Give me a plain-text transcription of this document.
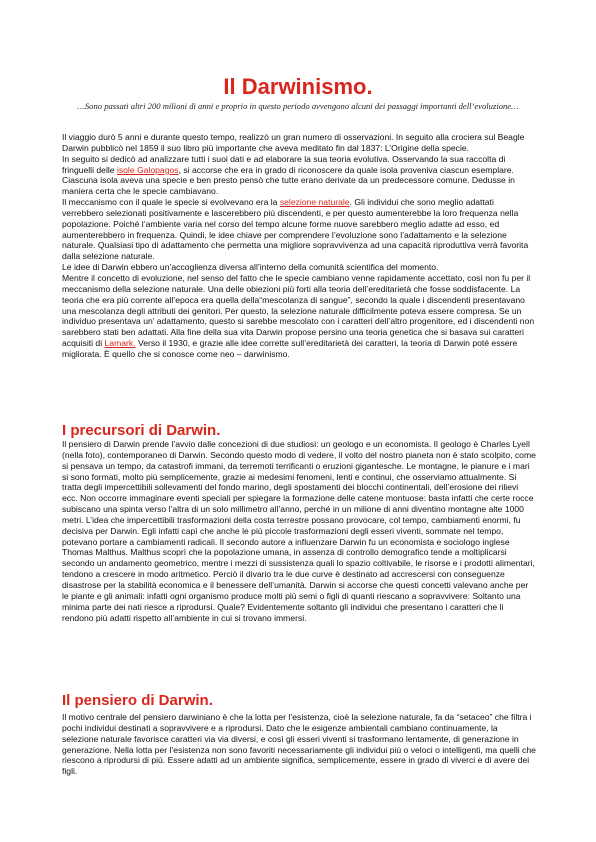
Il Darwinismo.

…Sono passati altri 200 milioni di anni e proprio in questo periodo avvengono alcuni dei passaggi importanti dell’evoluzione…

Il viaggio durò 5 anni e durante questo tempo, realizzò un gran numero di osservazioni. In seguito alla crociera sul Beagle Darwin pubblicò nel 1859 il suo libro più importante che aveva meditato fin dal 1837: L’Origine della specie.

In seguito si dedicò ad analizzare tutti i suoi dati e ad elaborare la sua teoria evolutiva. Osservando la sua raccolta di fringuelli delle isole Galopagos, si accorse che era in grado di riconoscere da quale isola proveniva ciascun esemplare. Ciascuna isola aveva una specie e ben presto pensò che tutte erano derivate da un predecessore comune. Dedusse in maniera certa che le specie cambiavano.

Il meccanismo con il quale le specie si evolvevano era la selezione naturale. Gli individui che sono meglio adattati verrebbero selezionati positivamente e lascerebbero più discendenti, e per questo aumenterebbe la loro frequenza nella popolazione. Poiché l’ambiente varia nel corso del tempo alcune forme nuove sarebbero meglio adatte ad esso, ed aumenterebbero in frequenza. Quindi, le idee chiave per comprendere l’evoluzione sono l’adattamento e la selezione naturale. Qualsiasi tipo di adattamento che permetta una migliore sopravvivenza ad una capacità riproduttiva verrà favorita dalla selezione naturale.

Le idee di Darwin ebbero un’accoglienza diversa all’interno della comunità scientifica del momento.

Mentre il concetto di evoluzione, nel senso del fatto che le specie cambiano venne rapidamente accettato, così non fu per il meccanismo della selezione naturale. Una delle obiezioni più forti alla teoria dell’ereditarietà che fosse soddisfacente. La teoria che era più corrente all’epoca era quella della“mescolanza di sangue”, secondo la quale i discendenti presentavano una mescolanza degli attributi dei genitori. Per questo, la selezione naturale difficilmente poteva essere compresa. Se un individuo presentava un’ adattamento, questo si sarebbe mescolato con i caratteri dell’altro progenitore, ed i discendenti non sarebbero stati ben adattati. Alla fine della sua vita Darwin propose persino una teoria genetica che si basava sui caratteri acquisiti di Lamark. Verso il 1930, e grazie alle idee corrette sull’ereditarietà dei caratteri, la teoria di Darwin poté essere migliorata. È quello che si conosce come neo – darwinismo.

I precursori di Darwin.

Il pensiero di Darwin prende l’avvio dalle concezioni di due studiosi: un geologo e un economista. Il geologo è Charles Lyell (nella foto), contemporaneo di Darwin. Secondo questo modo di vedere, il volto del nostro pianeta non è stato scolpito, come si pensava un tempo, da catastrofi immani, da terremoti terrificanti o eruzioni gigantesche. Le montagne, le pianure e i mari si sono formati, molto più semplicemente, grazie ai medesimi fenomeni, lenti e continui, che osserviamo attualmente. Si tratta degli impercettibili sollevamenti del fondo marino, degli spostamenti dei blocchi continentali, dell’erosione dei rilievi ecc. Non occorre immaginare eventi speciali per spiegare la formazione delle catene montuose: basta infatti che certe rocce subiscano una spinta verso l’altra di un solo millimetro all’anno, perché in un milione di anni diventino montagne alte 1000 metri. L’idea che impercettibili trasformazioni della costa terrestre possano provocare, col tempo, cambiamenti enormi, fu decisiva per Darwin. Egli infatti capì che anche le più piccole trasformazioni degli esseri viventi, sommate nel tempo, potevano portare a cambiamenti radicali. Il secondo autore a influenzare Darwin fu un economista e sociologo inglese Thomas Malthus. Malthus scoprì che la popolazione umana, in assenza di controllo demografico tende a moltiplicarsi secondo un andamento geometrico, mentre i mezzi di sussistenza quali lo spazio coltivabile, le risorse e i prodotti alimentari, tendono a crescere in modo aritmetico. Perciò il divario tra le due curve è destinato ad accrescersi con conseguenze disastrose per la stabilità economica e il benessere dell’umanità. Darwin si accorse che questi concetti valevano anche per le piante e gli animali: infatti ogni organismo produce molti più semi o figli di quanti riescano a sopravvivere: Soltanto una minima parte dei nati riesce a riprodursi. Quale? Evidentemente soltanto gli individui che presentano i caratteri che li rendono più adatti rispetto all’ambiente in cui si trovano immersi.

Il pensiero di Darwin.

Il motivo centrale del pensiero darwiniano è che la lotta per l’esistenza, cioè la selezione naturale, fa da “setaceo” che filtra i pochi individui destinati a sopravvivere e a riprodursi. Dato che le esigenze ambientali cambiano continuamente, la selezione naturale favorisce caratteri via via diversi, e così gli esseri viventi si trasformano lentamente, di generazione in generazione. Nella lotta per l’esistenza non sono favoriti necessariamente gli individui più o veloci o intelligenti, ma quelli che riescono a riprodursi di più. Essere adatti ad un ambiente significa, semplicemente, essere in grado di viverci e di avere dei figli.
